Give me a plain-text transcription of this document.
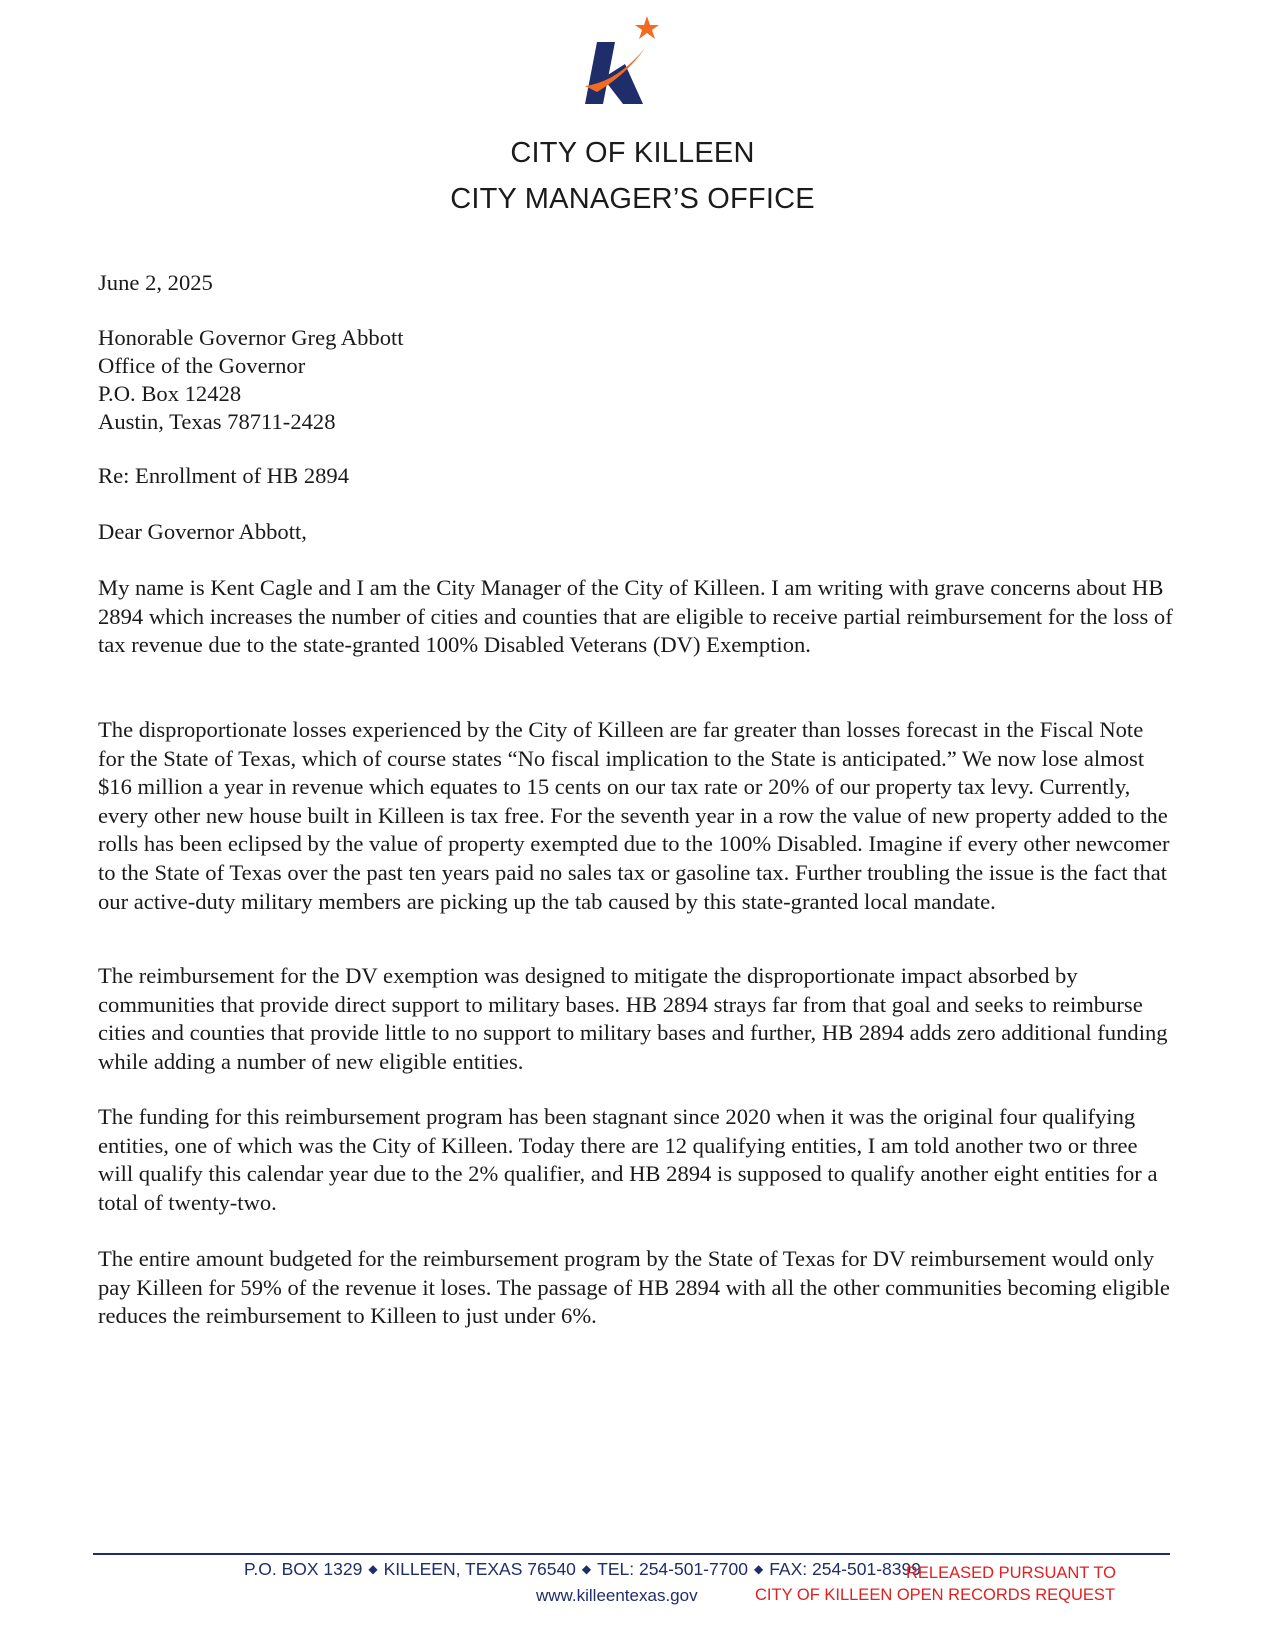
CITY OF KILLEEN
CITY MANAGER’S OFFICE
June 2, 2025
Honorable Governor Greg Abbott
Office of the Governor
P.O. Box 12428
Austin, Texas 78711-2428
Re: Enrollment of HB 2894
Dear Governor Abbott,

My name is Kent Cagle and I am the City Manager of the City of Killeen. I am writing with grave concerns about HB 2894 which increases the number of cities and counties that are eligible to receive partial reimbursement for the loss of tax revenue due to the state-granted 100% Disabled Veterans (DV) Exemption.

The disproportionate losses experienced by the City of Killeen are far greater than losses forecast in the Fiscal Note for the State of Texas, which of course states “No fiscal implication to the State is anticipated.” We now lose almost $16 million a year in revenue which equates to 15 cents on our tax rate or 20% of our property tax levy. Currently, every other new house built in Killeen is tax free. For the seventh year in a row the value of new property added to the rolls has been eclipsed by the value of property exempted due to the 100% Disabled. Imagine if every other newcomer to the State of Texas over the past ten years paid no sales tax or gasoline tax. Further troubling the issue is the fact that our active-duty military members are picking up the tab caused by this state-granted local mandate.

The reimbursement for the DV exemption was designed to mitigate the disproportionate impact absorbed by communities that provide direct support to military bases. HB 2894 strays far from that goal and seeks to reimburse cities and counties that provide little to no support to military bases and further, HB 2894 adds zero additional funding while adding a number of new eligible entities.

The funding for this reimbursement program has been stagnant since 2020 when it was the original four qualifying entities, one of which was the City of Killeen. Today there are 12 qualifying entities, I am told another two or three will qualify this calendar year due to the 2% qualifier, and HB 2894 is supposed to qualify another eight entities for a total of twenty-two.

The entire amount budgeted for the reimbursement program by the State of Texas for DV reimbursement would only pay Killeen for 59% of the revenue it loses. The passage of HB 2894 with all the other communities becoming eligible reduces the reimbursement to Killeen to just under 6%.

P.O. BOX 1329 ◆ KILLEEN, TEXAS 76540 ◆ TEL: 254-501-7700 ◆ FAX: 254-501-8399
www.killeentexas.gov
RELEASED PURSUANT TO
CITY OF KILLEEN OPEN RECORDS REQUEST
